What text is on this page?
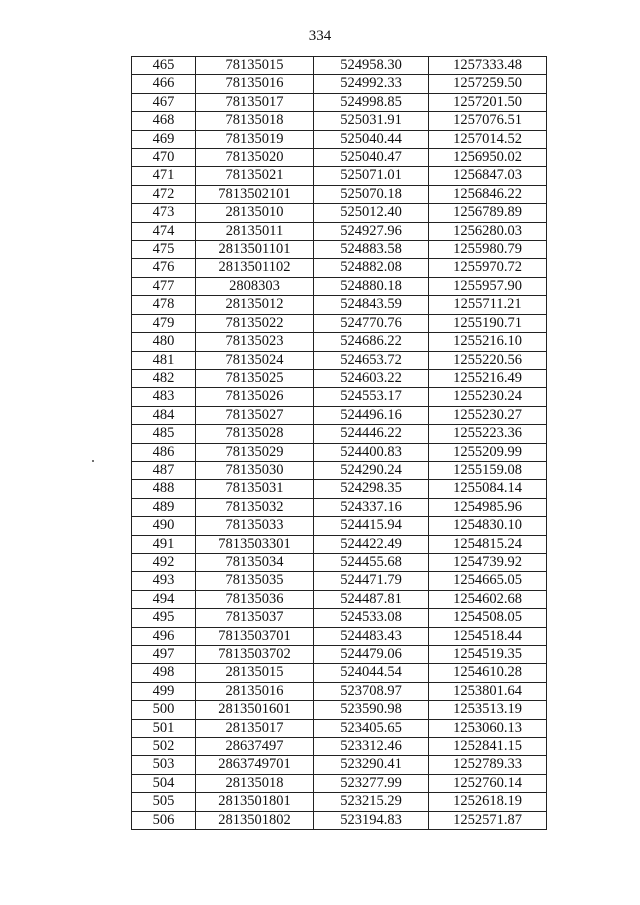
334
465	78135015	524958.30	1257333.48
466	78135016	524992.33	1257259.50
467	78135017	524998.85	1257201.50
468	78135018	525031.91	1257076.51
469	78135019	525040.44	1257014.52
470	78135020	525040.47	1256950.02
471	78135021	525071.01	1256847.03
472	7813502101	525070.18	1256846.22
473	28135010	525012.40	1256789.89
474	28135011	524927.96	1256280.03
475	2813501101	524883.58	1255980.79
476	2813501102	524882.08	1255970.72
477	2808303	524880.18	1255957.90
478	28135012	524843.59	1255711.21
479	78135022	524770.76	1255190.71
480	78135023	524686.22	1255216.10
481	78135024	524653.72	1255220.56
482	78135025	524603.22	1255216.49
483	78135026	524553.17	1255230.24
484	78135027	524496.16	1255230.27
485	78135028	524446.22	1255223.36
486	78135029	524400.83	1255209.99
487	78135030	524290.24	1255159.08
488	78135031	524298.35	1255084.14
489	78135032	524337.16	1254985.96
490	78135033	524415.94	1254830.10
491	7813503301	524422.49	1254815.24
492	78135034	524455.68	1254739.92
493	78135035	524471.79	1254665.05
494	78135036	524487.81	1254602.68
495	78135037	524533.08	1254508.05
496	7813503701	524483.43	1254518.44
497	7813503702	524479.06	1254519.35
498	28135015	524044.54	1254610.28
499	28135016	523708.97	1253801.64
500	2813501601	523590.98	1253513.19
501	28135017	523405.65	1253060.13
502	28637497	523312.46	1252841.15
503	2863749701	523290.41	1252789.33
504	28135018	523277.99	1252760.14
505	2813501801	523215.29	1252618.19
506	2813501802	523194.83	1252571.87
